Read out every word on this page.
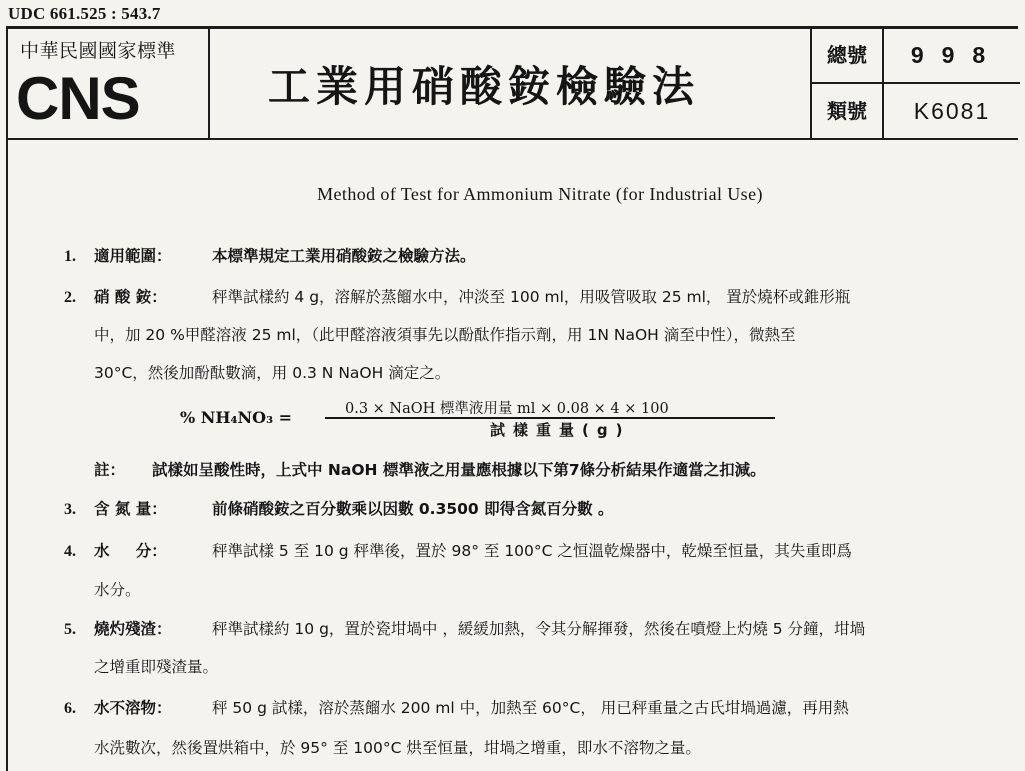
UDC 661.525 : 543.7
中華民國國家標準
CNS	工業用硝酸銨檢驗法
總號	998
類號	K6081
Method of Test for Ammonium Nitrate (for Industrial Use)
1. 適用範圍：	本標準規定工業用硝酸銨之檢驗方法。
2. 硝 酸 銨：	秤準試樣約 4 g，溶解於蒸餾水中，冲淡至 100 ml，用吸管吸取 25 ml， 置於燒杯或錐形瓶
中，加 20 %甲醛溶液 25 ml，（此甲醛溶液須事先以酚酞作指示劑，用 1N NaOH 滴至中性），微熱至
30°C，然後加酚酞數滴，用 0.3 N NaOH 滴定之。
% NH₄NO₃ =	0.3 × NaOH 標準液用量 ml × 0.08 × 4 × 100
試樣重量(g)
註： 試樣如呈酸性時，上式中 NaOH 標準液之用量應根據以下第7條分析結果作適當之扣減。
3. 含 氮 量：	前條硝酸銨之百分數乘以因數 0.3500 即得含氮百分數 。
4. 水 　 分：	秤準試樣 5 至 10 g 秤準後，置於 98° 至 100°C 之恒溫乾燥器中，乾燥至恒量，其失重即爲
水分。
5. 燒灼殘渣：	秤準試樣約 10 g，置於瓷坩堝中 ，緩緩加熱，令其分解揮發，然後在噴燈上灼燒 5 分鐘，坩堝
之增重即殘渣量。
6. 水不溶物：	秤 50 g 試樣，溶於蒸餾水 200 ml 中，加熱至 60°C， 用已秤重量之古氏坩堝過濾，再用熱
水洗數次，然後置烘箱中，於 95° 至 100°C 烘至恒量，坩堝之增重，即水不溶物之量。
